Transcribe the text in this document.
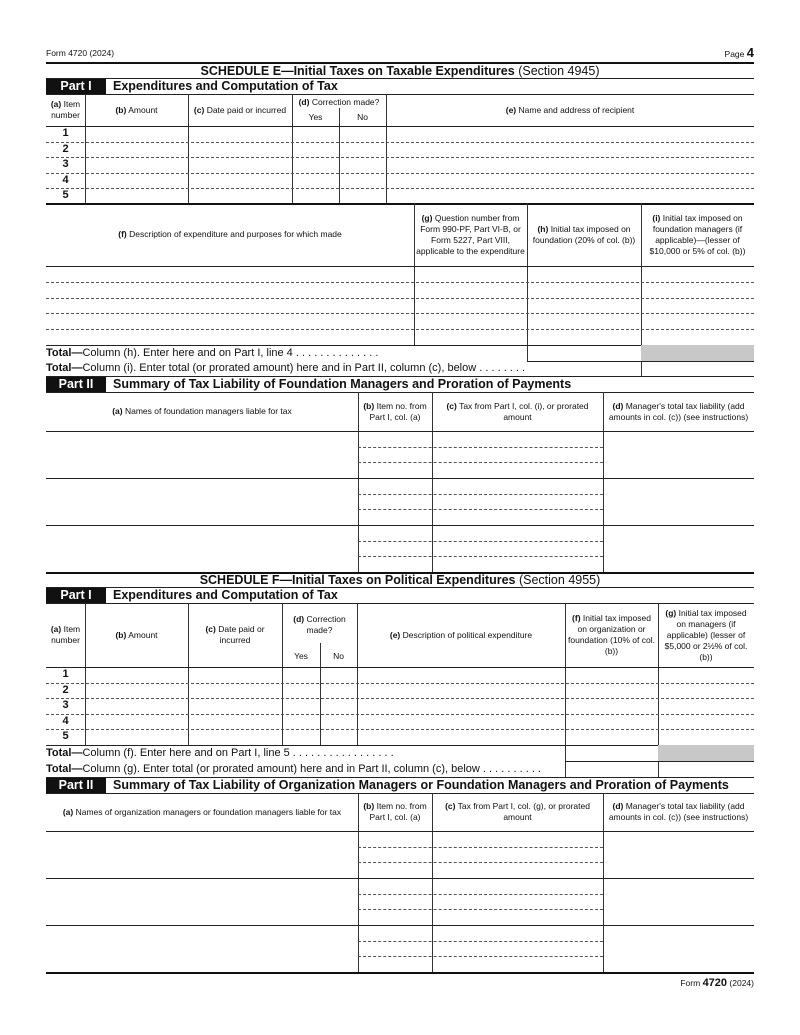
Form 4720 (2024)	Page 4
Form 4720 (2024)
SCHEDULE E—Initial Taxes on Taxable Expenditures (Section 4945)
Part I	Expenditures and Computation of Tax
(a) Item number
(b) Amount	(c) Date paid or incurred
(d) Correction made?
Yes	No
(e) Name and address of recipient
1
2
3
4
5
(f) Description of expenditure and purposes for which made
(g) Question number from Form 990-PF, Part VI-B, or Form 5227, Part VIII, applicable to the expenditure
(h) Initial tax imposed on foundation (20% of col. (b))
(i) Initial tax imposed on foundation managers (if applicable)—(lesser of $10,000 or 5% of col. (b))
Total—Column (h). Enter here and on Part I, line 4 . . . . . . . . . . . . . .
Total—Column (i). Enter total (or prorated amount) here and in Part II, column (c), below . . . . . . . .
Part II	Summary of Tax Liability of Foundation Managers and Proration of Payments
(a) Names of foundation managers liable for tax
(b) Item no. from Part I, col. (a)
(c) Tax from Part I, col. (i), or prorated amount
(d) Manager's total tax liability (add amounts in col. (c)) (see instructions)
SCHEDULE F—Initial Taxes on Political Expenditures (Section 4955)
Part I	Expenditures and Computation of Tax
(a) Item number
(b) Amount
(c) Date paid or incurred
(d) Correction made?
Yes	No
(e) Description of political expenditure
(f) Initial tax imposed on organization or foundation (10% of col. (b))
(g) Initial tax imposed on managers (if applicable) (lesser of $5,000 or 2½% of col. (b))
1
2
3
4
5
Total—Column (f). Enter here and on Part I, line 5 . . . . . . . . . . . . . . . . .
Total—Column (g). Enter total (or prorated amount) here and in Part II, column (c), below . . . . . . . . . .
Part II	Summary of Tax Liability of Organization Managers or Foundation Managers and Proration of Payments
(a) Names of organization managers or foundation managers liable for tax
(b) Item no. from Part I, col. (a)
(c) Tax from Part I, col. (g), or prorated amount
(d) Manager's total tax liability (add amounts in col. (c)) (see instructions)
